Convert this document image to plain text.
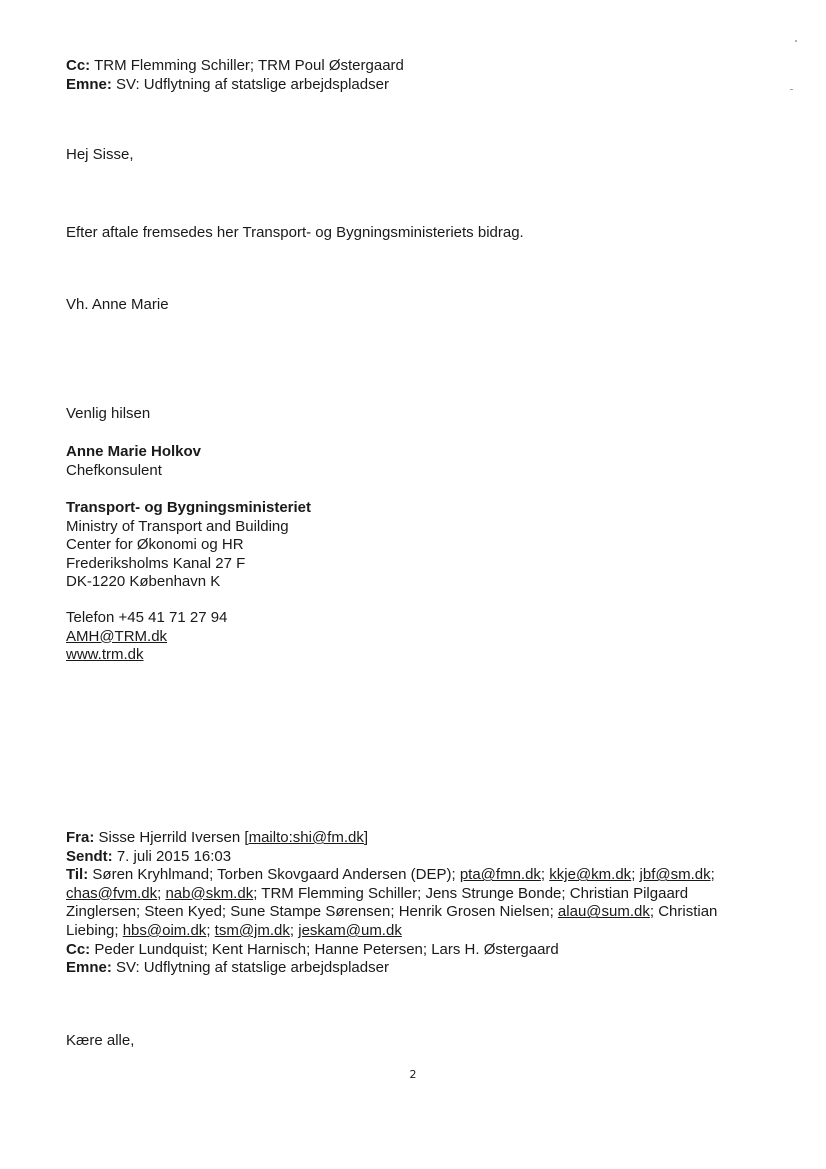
Cc: TRM Flemming Schiller; TRM Poul Østergaard
Emne: SV: Udflytning af statslige arbejdspladser
Hej Sisse,
Efter aftale fremsedes her Transport- og Bygningsministeriets bidrag.
Vh. Anne Marie
Venlig hilsen
Anne Marie Holkov
Chefkonsulent
Transport- og Bygningsministeriet
Ministry of Transport and Building
Center for Økonomi og HR
Frederiksholms Kanal 27 F
DK-1220 København K
Telefon +45 41 71 27 94
AMH@TRM.dk
www.trm.dk
Fra: Sisse Hjerrild Iversen [mailto:shi@fm.dk]
Sendt: 7. juli 2015 16:03
Til: Søren Kryhlmand; Torben Skovgaard Andersen (DEP); pta@fmn.dk; kkje@km.dk; jbf@sm.dk;
chas@fvm.dk; nab@skm.dk; TRM Flemming Schiller; Jens Strunge Bonde; Christian Pilgaard
Zinglersen; Steen Kyed; Sune Stampe Sørensen; Henrik Grosen Nielsen; alau@sum.dk; Christian
Liebing; hbs@oim.dk; tsm@jm.dk; jeskam@um.dk
Cc: Peder Lundquist; Kent Harnisch; Hanne Petersen; Lars H. Østergaard
Emne: SV: Udflytning af statslige arbejdspladser
Kære alle,
2
